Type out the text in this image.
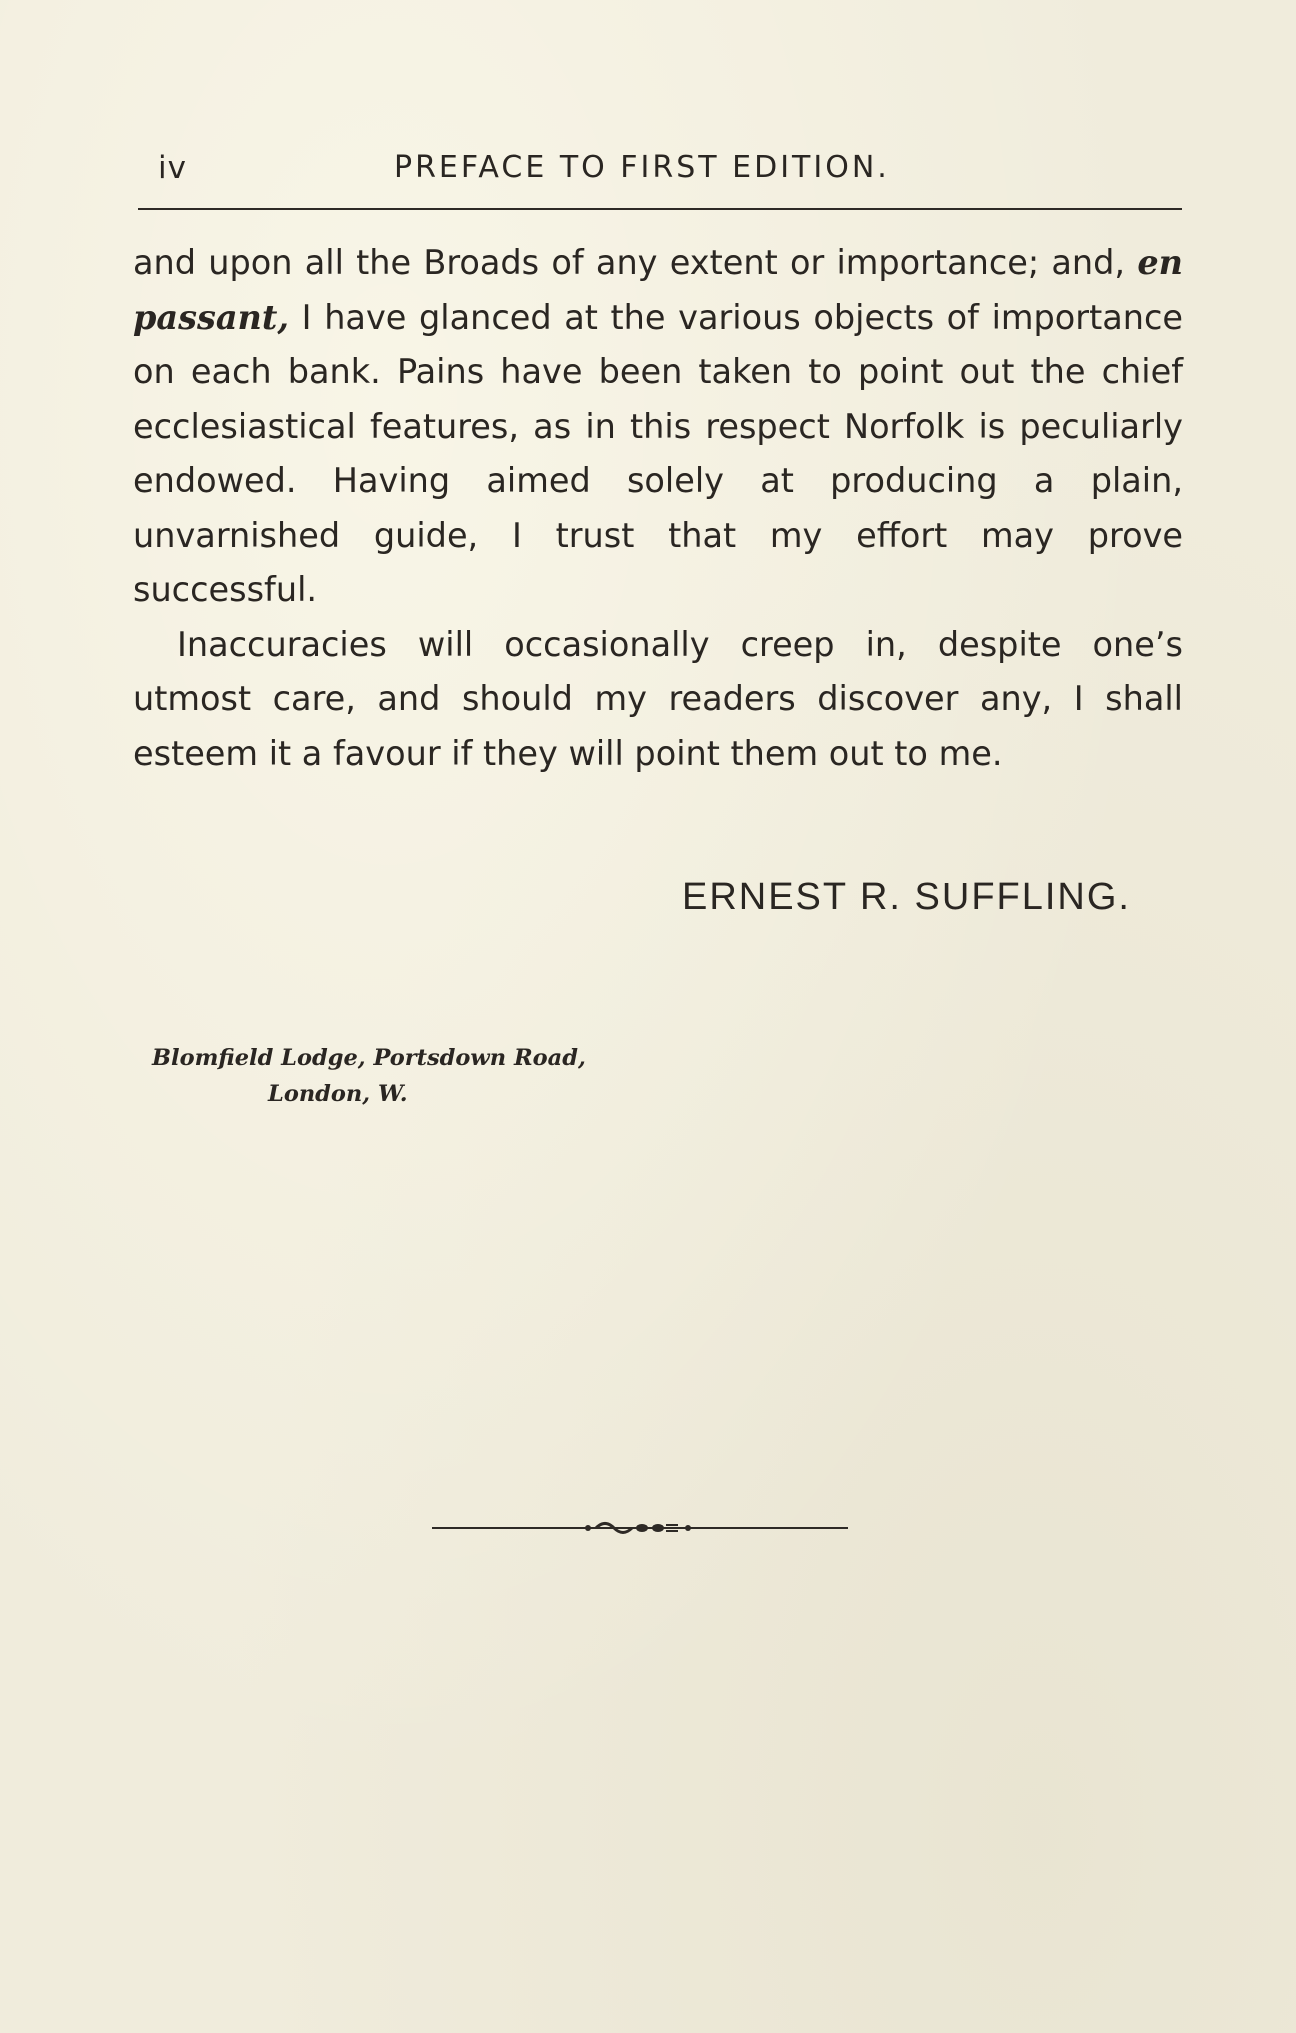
iv	PREFACE TO FIRST EDITION.

and upon all the Broads of any extent or importance; and, en passant, I have glanced at the various objects of importance on each bank. Pains have been taken to point out the chief ecclesiastical features, as in this respect Norfolk is peculiarly endowed. Having aimed solely at producing a plain, unvarnished guide, I trust that my effort may prove successful.

Inaccuracies will occasionally creep in, despite one’s utmost care, and should my readers discover any, I shall esteem it a favour if they will point them out to me.

ERNEST R. SUFFLING.
Blomfield Lodge, Portsdown Road,
London, W.
